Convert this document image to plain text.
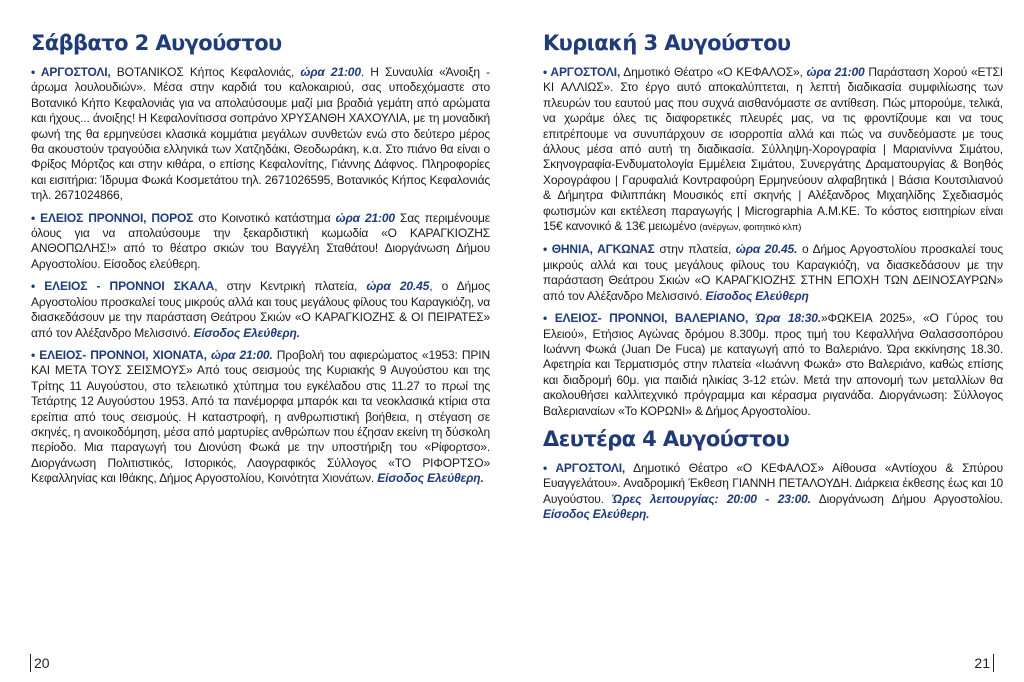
Σάββατο 2 Αυγούστου

• ΑΡΓΟΣΤΟΛΙ, ΒΟΤΑΝΙΚΟΣ Κήπος Κεφαλονιάς, ώρα 21:00. Η Συναυλία «Άνοιξη - άρωμα λουλουδιών». Μέσα στην καρδιά του καλοκαιριού, σας υποδεχόμαστε στο Βοτανικό Κήπο Κεφαλονιάς για να απολαύσουμε μαζί μια βραδιά γεμάτη από αρώματα και ήχους... άνοιξης! Η Κεφαλονίτισσα σοπράνο ΧΡΥΣΑΝΘΗ ΧΑΧΟΥΛΙΑ, με τη μοναδική φωνή της θα ερμηνεύσει κλασικά κομμάτια μεγάλων συνθετών ενώ στο δεύτερο μέρος θα ακουστούν τραγούδια ελληνικά των Χατζηδάκι, Θεοδωράκη, κ.α. Στο πιάνο θα είναι ο Φρίξος Μόρτζος και στην κιθάρα, ο επίσης Κεφαλονίτης, Γιάννης Δάφνος. Πληροφορίες και εισιτήρια: Ίδρυμα Φωκά Κοσμετάτου τηλ. 2671026595, Βοτανικός Κήπος Κεφαλονιάς τηλ. 2671024866,

• ΕΛΕΙΟΣ ΠΡΟΝΝΟΙ, ΠΟΡΟΣ στο Κοινοτικό κατάστημα ώρα 21:00 Σας περιμένουμε όλους για να απολαύσουμε την ξεκαρδιστική κωμωδία «Ο ΚΑΡΑΓΚΙΟΖΗΣ ΑΝΘΟΠΩΛΗΣ!» από το θέατρο σκιών του Βαγγέλη Σταθάτου! Διοργάνωση Δήμου Αργοστολίου. Είσοδος ελεύθερη.

• ΕΛΕΙΟΣ - ΠΡΟΝΝΟΙ ΣΚΑΛΑ, στην Κεντρική πλατεία, ώρα 20.45, ο Δήμος Αργοστολίου προσκαλεί τους μικρούς αλλά και τους μεγάλους φίλους του Καραγκιόζη, να διασκεδάσουν με την παράσταση Θεάτρου Σκιών «Ο ΚΑΡΑΓΚΙΟΖΗΣ & ΟΙ ΠΕΙΡΑΤΕΣ» από τον Αλέξανδρο Μελισσινό. Είσοδος Ελεύθερη.

• ΕΛΕΙΟΣ- ΠΡΟΝΝΟΙ, ΧΙΟΝΑΤΑ, ώρα 21:00. Προβολή του αφιερώματος «1953: ΠΡΙΝ ΚΑΙ ΜΕΤΑ ΤΟΥΣ ΣΕΙΣΜΟΥΣ» Από τους σεισμούς της Κυριακής 9 Αυγούστου και της Τρίτης 11 Αυγούστου, στο τελειωτικό χτύπημα του εγκέλαδου στις 11.27 το πρωί της Τετάρτης 12 Αυγούστου 1953. Από τα πανέμορφα μπαρόκ και τα νεοκλασικά κτίρια στα ερείπια από τους σεισμούς. Η καταστροφή, η ανθρωπιστική βοήθεια, η στέγαση σε σκηνές, η ανοικοδόμηση, μέσα από μαρτυρίες ανθρώπων που έζησαν εκείνη τη δύσκολη περίοδο. Μια παραγωγή του Διονύση Φωκά με την υποστήριξη του «Ρίφορτσο». Διοργάνωση Πολιτιστικός, Ιστορικός, Λαογραφικός Σύλλογος «ΤΟ ΡΙΦΟΡΤΣΟ» Κεφαλληνίας και Ιθάκης, Δήμος Αργοστολίου, Κοινότητα Χιονάτων. Είσοδος Ελεύθερη.

20
Κυριακή 3 Αυγούστου

• ΑΡΓΟΣΤΟΛΙ, Δημοτικό Θέατρο «Ο ΚΕΦΑΛΟΣ», ώρα 21:00 Παράσταση Χορού «ΕΤΣΙ ΚΙ ΑΛΛΙΩΣ». Στο έργο αυτό αποκαλύπτεται, η λεπτή διαδικασία συμφιλίωσης των πλευρών του εαυτού μας που συχνά αισθανόμαστε σε αντίθεση. Πώς μπορούμε, τελικά, να χωράμε όλες τις διαφορετικές πλευρές μας, να τις φροντίζουμε και να τους επιτρέπουμε να συνυπάρχουν σε ισορροπία αλλά και πώς να συνδεόμαστε με τους άλλους μέσα από αυτή τη διαδικασία. Σύλληψη-Χορογραφία | Μαριανίννα Σιμάτου, Σκηνογραφία-Ενδυματολογία Εμμέλεια Σιμάτου, Συνεργάτης Δραματουργίας & Βοηθός Χορογράφου | Γαρυφαλιά Κοντραφούρη Ερμηνεύουν αλφαβητικά | Βάσια Κουτσιλιανού & Δήμητρα Φιλιππάκη Μουσικός επί σκηνής | Αλέξανδρος Μιχαηλίδης Σχεδιασμός φωτισμών και εκτέλεση παραγωγής | Micrographia Α.Μ.ΚΕ. Το κόστος εισιτηρίων είναι 15€ κανονικό & 13€ μειωμένο (ανέργων, φοιτητικό κλπ)

• ΘΗΝΙΑ, ΑΓΚΩΝΑΣ στην πλατεία, ώρα 20.45. ο Δήμος Αργοστολίου προσκαλεί τους μικρούς αλλά και τους μεγάλους φίλους του Καραγκιόζη, να διασκεδάσουν με την παράσταση Θεάτρου Σκιών «Ο ΚΑΡΑΓΚΙΟΖΗΣ ΣΤΗΝ ΕΠΟΧΗ ΤΩΝ ΔΕΙΝΟΣΑΥΡΩΝ» από τον Αλέξανδρο Μελισσινό. Είσοδος Ελεύθερη

• ΕΛΕΙΟΣ- ΠΡΟΝΝΟΙ, ΒΑΛΕΡΙΑΝΟ, Ώρα 18:30.»ΦΩΚΕΙΑ 2025», «Ο Γύρος του Ελειού», Ετήσιος Αγώνας δρόμου 8.300μ. προς τιμή του Κεφαλλήνα Θαλασσοπόρου Ιωάννη Φωκά (Juan De Fuca) με καταγωγή από το Βαλεριάνο. Ώρα εκκίνησης 18.30. Αφετηρία και Τερματισμός στην πλατεία «Ιωάννη Φωκά» στο Βαλεριάνο, καθώς επίσης και διαδρομή 60μ. για παιδιά ηλικίας 3-12 ετών. Μετά την απονομή των μεταλλίων θα ακολουθήσει καλλιτεχνικό πρόγραμμα και κέρασμα ριγανάδα. Διοργάνωση: Σύλλογος Βαλεριαναίων «Το ΚΟΡΩΝΙ» & Δήμος Αργοστολίου.

Δευτέρα 4 Αυγούστου

• ΑΡΓΟΣΤΟΛΙ, Δημοτικό Θέατρο «Ο ΚΕΦΑΛΟΣ» Αίθουσα «Αντίοχου & Σπύρου Ευαγγελάτου». Αναδρομική Έκθεση ΓΙΑΝΝΗ ΠΕΤΑΛΟΥΔΗ. Διάρκεια έκθεσης έως και 10 Αυγούστου. Ώρες λειτουργίας: 20:00 - 23:00. Διοργάνωση Δήμου Αργοστολίου. Είσοδος Ελεύθερη.

21
